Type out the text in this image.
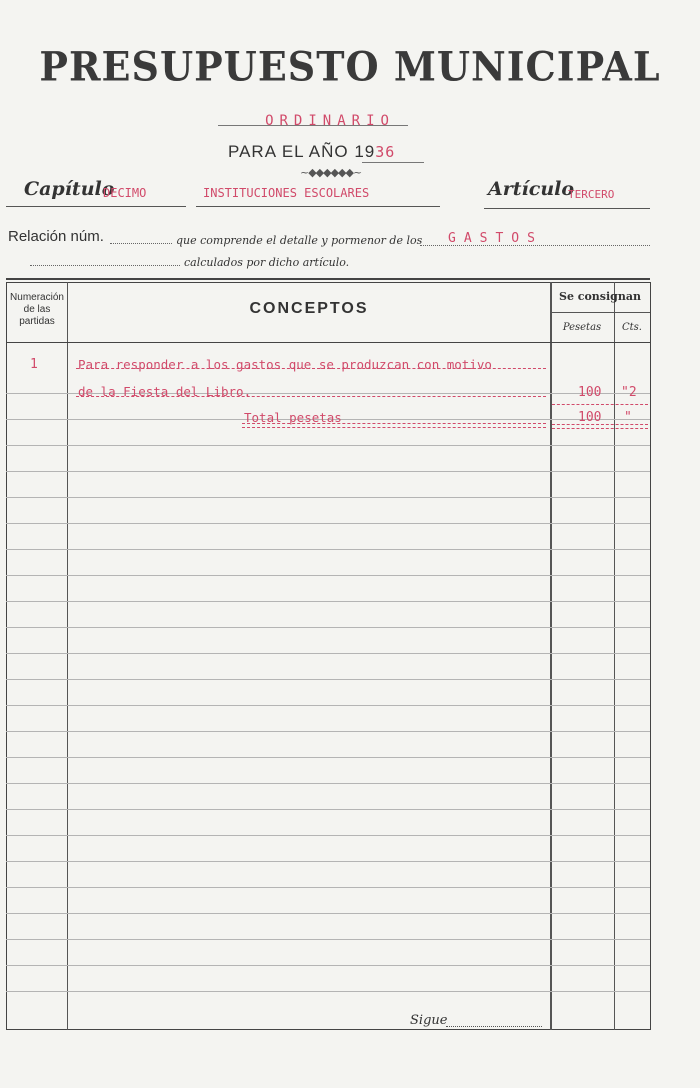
PRESUPUESTO MUNICIPAL
ORDINARIO
PARA EL AÑO 1936
~◆◆◆◆◆◆~
Capítulo
DECIMO	INSTITUCIONES ESCOLARES	Artículo
TERCERO
Relación núm.	que comprende el detalle y pormenor de los GASTOS
calculados por dicho artículo.
Numeración de las partidas
CONCEPTOS
Se consignan
Pesetas	Cts.
1	Para responder a los gastos que se produzcan con motivo
de la Fiesta del Libro.	100 "2
Total pesetas	100 "
Sigue
